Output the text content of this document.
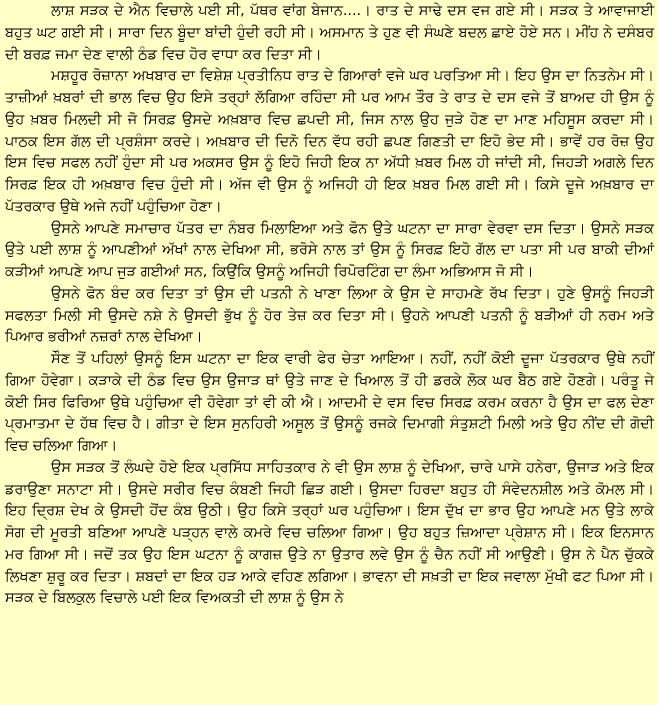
ਲਾਸ਼ ਸੜਕ ਦੇ ਐਨ ਵਿਚਾਲੇ ਪਈ ਸੀ, ਪੱਥਰ ਵਾਂਗ ਬੇਜਾਨ....। ਰਾਤ ਦੇ ਸਾਢੇ ਦਸ ਵਜ ਗਏ ਸੀ। ਸੜਕ ਤੇ ਆਵਾਜਾਈ ਬਹੁਤ ਘਟ ਗਈ ਸੀ। ਸਾਰਾ ਦਿਨ ਬੂੰਦਾ ਬਾਂਦੀ ਹੁੰਦੀ ਰਹੀ ਸੀ। ਅਸਮਾਨ ਤੇ ਹੁਣ ਵੀ ਸੰਘਣੇ ਬਦਲ ਛਾਏ ਹੋਏ ਸਨ। ਮੀਂਹ ਨੇ ਦਸੰਬਰ ਦੀ ਬਰਫ਼ ਜਮਾ ਦੇਣ ਵਾਲੀ ਠੰਡ ਵਿਚ ਹੋਰ ਵਾਧਾ ਕਰ ਦਿਤਾ ਸੀ।

ਮਸ਼ਹੂਰ ਰੋਜ਼ਾਨਾ ਅਖਬਾਰ ਦਾ ਵਿਸ਼ੇਸ਼ ਪ੍ਰਤੀਨਿਧ ਰਾਤ ਦੇ ਗਿਆਰਾਂ ਵਜੇ ਘਰ ਪਰਤਿਆ ਸੀ। ਇਹ ਉਸ ਦਾ ਨਿਤਨੇਮ ਸੀ। ਤਾਜ਼ੀਆਂ ਖ਼ਬਰਾਂ ਦੀ ਭਾਲ ਵਿਚ ਉਹ ਇਸੇ ਤਰ੍ਹਾਂ ਲੱਗਿਆ ਰਹਿੰਦਾ ਸੀ ਪਰ ਆਮ ਤੌਰ ਤੇ ਰਾਤ ਦੇ ਦਸ ਵਜੇ ਤੋਂ ਬਾਅਦ ਹੀ ਉਸ ਨੂੰ ਉਹ ਖ਼ਬਰ ਮਿਲਦੀ ਸੀ ਜੋ ਸਿਰਫ਼ ਉਸਦੇ ਅਖ਼ਬਾਰ ਵਿਚ ਛਪਦੀ ਸੀ, ਜਿਸ ਨਾਲ ਉਹ ਜੁੜੇ ਹੋਣ ਦਾ ਮਾਣ ਮਹਿਸੂਸ ਕਰਦਾ ਸੀ। ਪਾਠਕ ਇਸ ਗੱਲ ਦੀ ਪ੍ਰਸ਼ੰਸਾ ਕਰਦੇ। ਅਖ਼ਬਾਰ ਦੀ ਦਿਨੋ ਦਿਨ ਵੱਧ ਰਹੀ ਛਪਣ ਗਿਣਤੀ ਦਾ ਇਹੋ ਭੇਦ ਸੀ। ਭਾਵੇਂ ਹਰ ਰੋਜ਼ ਉਹ ਇਸ ਵਿਚ ਸਫਲ ਨਹੀਂ ਹੁੰਦਾ ਸੀ ਪਰ ਅਕਸਰ ਉਸ ਨੂੰ ਇਹੋ ਜਿਹੀ ਇਕ ਨਾ ਅੱਧੀ ਖ਼ਬਰ ਮਿਲ ਹੀ ਜਾਂਦੀ ਸੀ, ਜਿਹੜੀ ਅਗਲੇ ਦਿਨ ਸਿਰਫ਼ ਇਕ ਹੀ ਅਖ਼ਬਾਰ ਵਿਚ ਹੁੰਦੀ ਸੀ। ਅੱਜ ਵੀ ਉਸ ਨੂੰ ਅਜਿਹੀ ਹੀ ਇਕ ਖ਼ਬਰ ਮਿਲ ਗਈ ਸੀ। ਕਿਸੇ ਦੂਜੇ ਅਖ਼ਬਾਰ ਦਾ ਪੱਤਰਕਾਰ ਉਥੇ ਅਜੇ ਨਹੀਂ ਪਹੁੰਚਿਆ ਹੋਣਾ।

ਉਸਨੇ ਆਪਣੇ ਸਮਾਚਾਰ ਪੱਤਰ ਦਾ ਨੰਬਰ ਮਿਲਾਇਆ ਅਤੇ ਫੋਨ ਉਤੇ ਘਟਨਾ ਦਾ ਸਾਰਾ ਵੇਰਵਾ ਦਸ ਦਿਤਾ। ਉਸਨੇ ਸੜਕ ਉਤੇ ਪਈ ਲਾਸ਼ ਨੂੰ ਆਪਣੀਆਂ ਅੱਖਾਂ ਨਾਲ ਦੇਖਿਆ ਸੀ, ਭਰੋਸੇ ਨਾਲ ਤਾਂ ਉਸ ਨੂੰ ਸਿਰਫ਼ ਇਹੋ ਗੱਲ ਦਾ ਪਤਾ ਸੀ ਪਰ ਬਾਕੀ ਦੀਆਂ ਕੜੀਆਂ ਆਪਣੇ ਆਪ ਜੁੜ ਗਈਆਂ ਸਨ, ਕਿਉਂਕਿ ਉਸਨੂੰ ਅਜਿਹੀ ਰਿਪੋਰਟਿੰਗ ਦਾ ਲੰਮਾ ਅਭਿਆਸ ਜੋ ਸੀ।

ਉਸਨੇ ਫੋਨ ਬੰਦ ਕਰ ਦਿਤਾ ਤਾਂ ਉਸ ਦੀ ਪਤਨੀ ਨੇ ਖਾਣਾ ਲਿਆ ਕੇ ਉਸ ਦੇ ਸਾਹਮਣੇ ਰੱਖ ਦਿਤਾ। ਹੁਣੇ ਉਸਨੂੰ ਜਿਹੜੀ ਸਫਲਤਾ ਮਿਲੀ ਸੀ ਉਸਦੇ ਨਸ਼ੇ ਨੇ ਉਸਦੀ ਭੁੱਖ ਨੂੰ ਹੋਰ ਤੇਜ਼ ਕਰ ਦਿਤਾ ਸੀ। ਉਹਨੇ ਆਪਣੀ ਪਤਨੀ ਨੂੰ ਬੜੀਆਂ ਹੀ ਨਰਮ ਅਤੇ ਪਿਆਰ ਭਰੀਆਂ ਨਜ਼ਰਾਂ ਨਾਲ ਦੇਖਿਆ।

ਸੌਣ ਤੋਂ ਪਹਿਲਾਂ ਉਸਨੂੰ ਇਸ ਘਟਨਾ ਦਾ ਇਕ ਵਾਰੀ ਫੇਰ ਚੇਤਾ ਆਇਆ। ਨਹੀਂ, ਨਹੀਂ ਕੋਈ ਦੂਜਾ ਪੱਤਰਕਾਰ ਉਥੇ ਨਹੀਂ ਗਿਆ ਹੋਵੇਗਾ। ਕੜਾਕੇ ਦੀ ਠੰਡ ਵਿਚ ਉਸ ਉਜਾੜ ਥਾਂ ਉਤੇ ਜਾਣ ਦੇ ਖਿਆਲ ਤੋਂ ਹੀ ਡਰਕੇ ਲੋਕ ਘਰ ਬੈਠ ਗਏ ਹੋਣਗੇ। ਪਰੰਤੂ ਜੇ ਕੋਈ ਸਿਰ ਫਿਰਿਆ ਉਥੇ ਪਹੁੰਚਿਆ ਵੀ ਹੋਵੇਗਾ ਤਾਂ ਵੀ ਕੀ ਐ। ਆਦਮੀ ਦੇ ਵਸ ਵਿਚ ਸਿਰਫ਼ ਕਰਮ ਕਰਨਾ ਹੈ ਉਸ ਦਾ ਫਲ ਦੇਣਾ ਪ੍ਰਮਾਤਮਾ ਦੇ ਹੱਥ ਵਿਚ ਹੈ। ਗੀਤਾ ਦੇ ਇਸ ਸੁਨਹਿਰੀ ਅਸੂਲ ਤੋਂ ਉਸਨੂੰ ਰਜਕੇ ਦਿਮਾਗੀ ਸੰਤੁਸ਼ਟੀ ਮਿਲੀ ਅਤੇ ਉਹ ਨੀਂਦ ਦੀ ਗੋਦੀ ਵਿਚ ਚਲਿਆ ਗਿਆ।

ਉਸ ਸੜਕ ਤੋਂ ਲੰਘਦੇ ਹੋਏ ਇਕ ਪ੍ਰਸਿੱਧ ਸਾਹਿਤਕਾਰ ਨੇ ਵੀ ਉਸ ਲਾਸ਼ ਨੂੰ ਦੇਖਿਆ, ਚਾਰੇ ਪਾਸੇ ਹਨੇਰਾ, ਉਜਾੜ ਅਤੇ ਇਕ ਡਰਾਉਣਾ ਸਨਾਟਾ ਸੀ। ਉਸਦੇ ਸਰੀਰ ਵਿਚ ਕੰਬਣੀ ਜਿਹੀ ਛਿੜ ਗਈ। ਉਸਦਾ ਹਿਰਦਾ ਬਹੁਤ ਹੀ ਸੰਵੇਦਨਸ਼ੀਲ ਅਤੇ ਕੋਮਲ ਸੀ। ਇਹ ਦ੍ਰਿਸ਼ ਦੇਖ ਕੇ ਉਸਦੀ ਹੋਂਦ ਕੰਬ ਉਠੀ। ਉਹ ਕਿਸੇ ਤਰ੍ਹਾਂ ਘਰ ਪਹੁੰਚਿਆ। ਇਸ ਦੁੱਖ ਦਾ ਭਾਰ ਉਹ ਆਪਣੇ ਮਨ ਉਤੇ ਲਾਕੇ ਸੋਗ ਦੀ ਮੂਰਤੀ ਬਣਿਆ ਆਪਣੇ ਪੜ੍ਹਨ ਵਾਲੇ ਕਮਰੇ ਵਿਚ ਚਲਿਆ ਗਿਆ। ਉਹ ਬਹੁਤ ਜ਼ਿਆਦਾ ਪ੍ਰੇਸ਼ਾਨ ਸੀ। ਇਕ ਇਨਸਾਨ ਮਰ ਗਿਆ ਸੀ। ਜਦੋਂ ਤਕ ਉਹ ਇਸ ਘਟਨਾ ਨੂੰ ਕਾਗਜ਼ ਉਤੇ ਨਾ ਉਤਾਰ ਲਵੇ ਉਸ ਨੂੰ ਚੈਨ ਨਹੀਂ ਸੀ ਆਉਣੀ। ਉਸ ਨੇ ਪੈਨ ਚੁੱਕਕੇ ਲਿਖਣਾ ਸ਼ੁਰੂ ਕਰ ਦਿਤਾ। ਸ਼ਬਦਾਂ ਦਾ ਇਕ ਹੜ ਆਕੇ ਵਹਿਣ ਲਗਿਆ। ਭਾਵਨਾ ਦੀ ਸਖ਼ਤੀ ਦਾ ਇਕ ਜਵਾਲਾ ਮੁੱਖੀ ਫਟ ਪਿਆ ਸੀ। ਸੜਕ ਦੇ ਬਿਲਕੁਲ ਵਿਚਾਲੇ ਪਈ ਇਕ ਵਿਅਕਤੀ ਦੀ ਲਾਸ਼ ਨੂੰ ਉਸ ਨੇ
